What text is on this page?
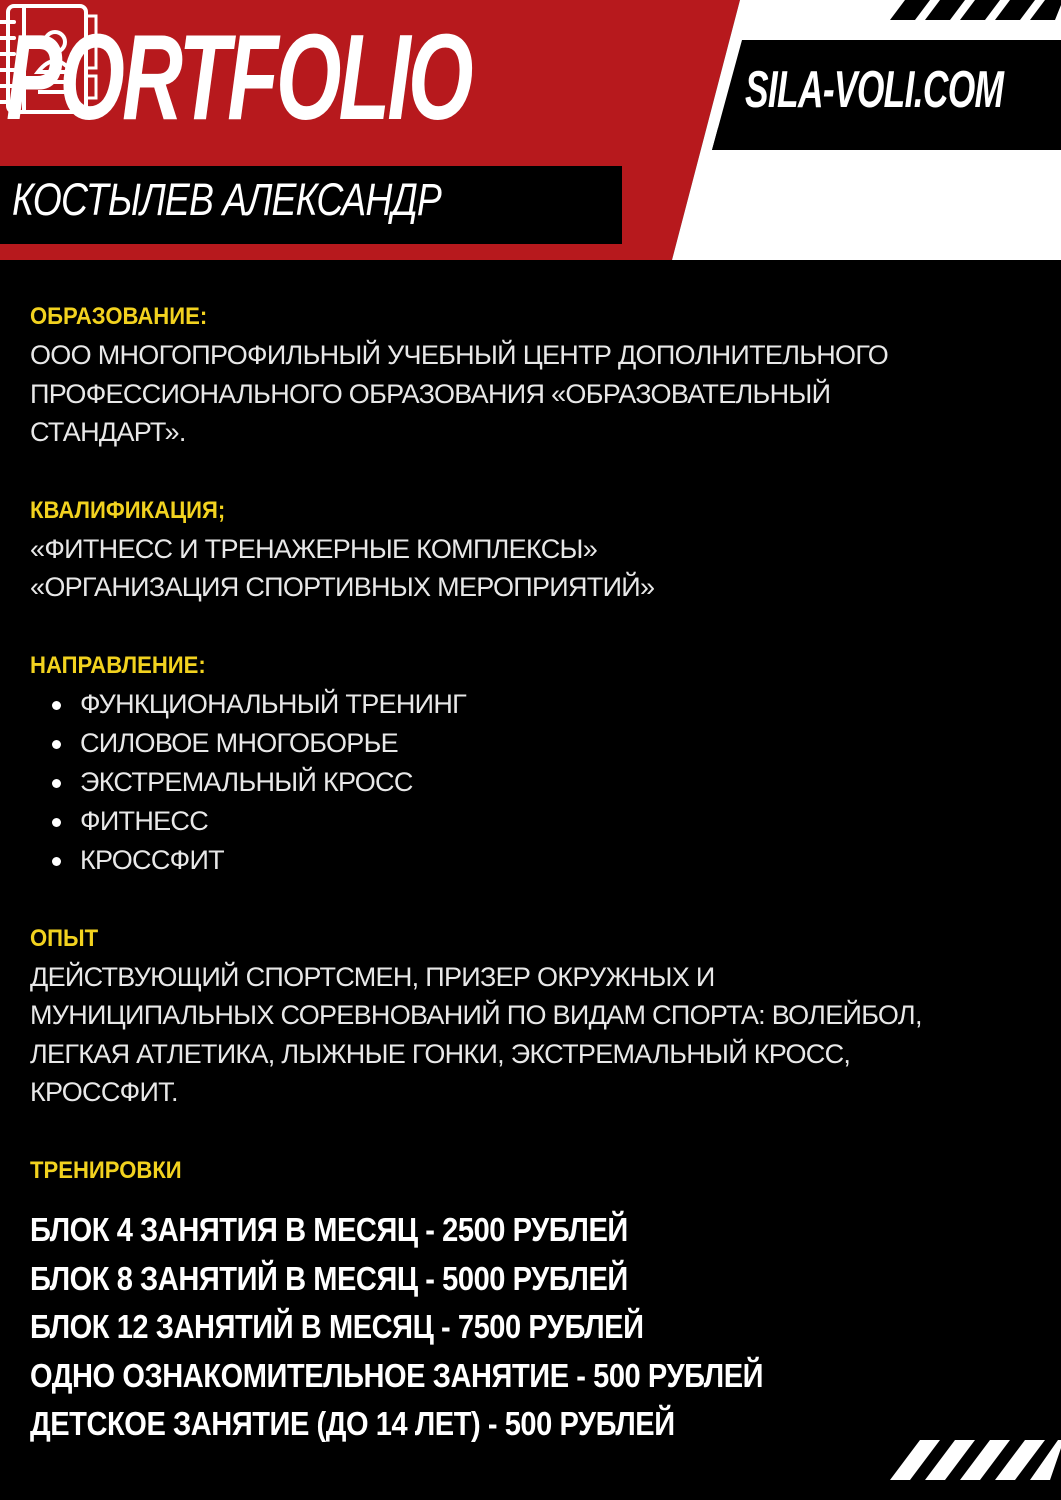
PORTFOLIO	SILA-VOLI.COM

КОСТЫЛЕВ АЛЕКСАНДР

ОБРАЗОВАНИЕ:

ООО МНОГОПРОФИЛЬНЫЙ УЧЕБНЫЙ ЦЕНТР ДОПОЛНИТЕЛЬНОГО

ПРОФЕССИОНАЛЬНОГО ОБРАЗОВАНИЯ «ОБРАЗОВАТЕЛЬНЫЙ

СТАНДАРТ».

КВАЛИФИКАЦИЯ;

«ФИТНЕСС И ТРЕНАЖЕРНЫЕ КОМПЛЕКСЫ»

«ОРГАНИЗАЦИЯ СПОРТИВНЫХ МЕРОПРИЯТИЙ»

НАПРАВЛЕНИЕ:
ФУНКЦИОНАЛЬНЫЙ ТРЕНИНГ
СИЛОВОЕ МНОГОБОРЬЕ
ЭКСТРЕМАЛЬНЫЙ КРОСС
ФИТНЕСС
КРОССФИТ
ОПЫТ

ДЕЙСТВУЮЩИЙ СПОРТСМЕН, ПРИЗЕР ОКРУЖНЫХ И

МУНИЦИПАЛЬНЫХ СОРЕВНОВАНИЙ ПО ВИДАМ СПОРТА: ВОЛЕЙБОЛ,

ЛЕГКАЯ АТЛЕТИКА, ЛЫЖНЫЕ ГОНКИ, ЭКСТРЕМАЛЬНЫЙ КРОСС,

КРОССФИТ.

ТРЕНИРОВКИ

БЛОК 4 ЗАНЯТИЯ В МЕСЯЦ - 2500 РУБЛЕЙ

БЛОК 8 ЗАНЯТИЙ В МЕСЯЦ - 5000 РУБЛЕЙ

БЛОК 12 ЗАНЯТИЙ В МЕСЯЦ - 7500 РУБЛЕЙ

ОДНО ОЗНАКОМИТЕЛЬНОЕ ЗАНЯТИЕ - 500 РУБЛЕЙ

ДЕТСКОЕ ЗАНЯТИЕ (ДО 14 ЛЕТ) - 500 РУБЛЕЙ
